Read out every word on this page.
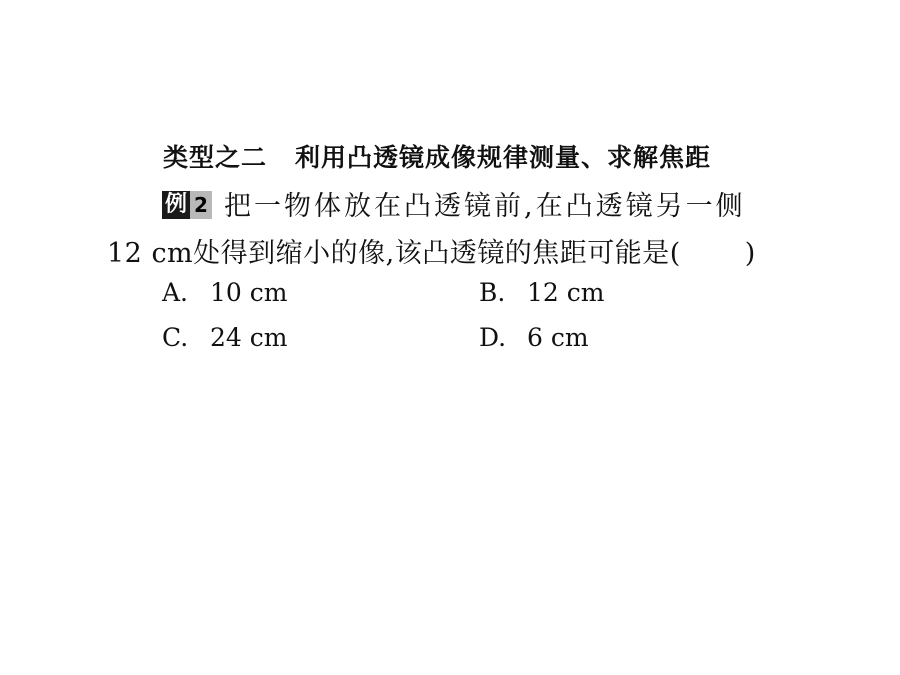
类型之二 利用凸透镜成像规律测量、求解焦距
例 2 把一物体放在凸透镜前,在凸透镜另一侧
12 cm处得到缩小的像,该凸透镜的焦距可能是( )
A. 10 cm	B. 12 cm
C. 24 cm	D. 6 cm
